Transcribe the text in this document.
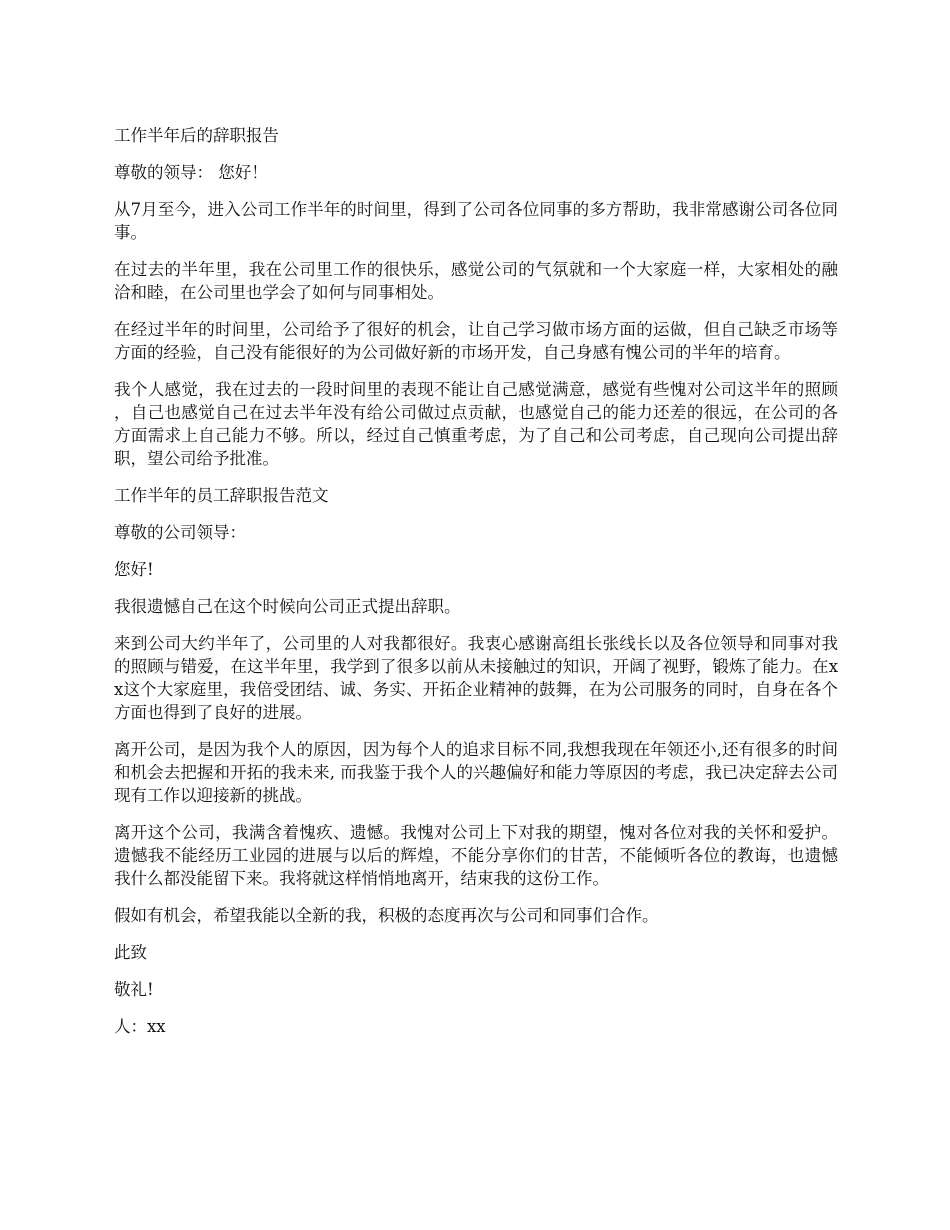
工作半年后的辞职报告

尊敬的领导： 您好！

从7月至今，进入公司工作半年的时间里，得到了公司各位同事的多方帮助，我非常感谢公司各位同事。

在过去的半年里，我在公司里工作的很快乐，感觉公司的气氛就和一个大家庭一样，大家相处的融洽和睦，在公司里也学会了如何与同事相处。

在经过半年的时间里，公司给予了很好的机会，让自己学习做市场方面的运做，但自己缺乏市场等方面的经验，自己没有能很好的为公司做好新的市场开发，自己身感有愧公司的半年的培育。

我个人感觉，我在过去的一段时间里的表现不能让自己感觉满意，感觉有些愧对公司这半年的照顾，自己也感觉自己在过去半年没有给公司做过点贡献，也感觉自己的能力还差的很远，在公司的各方面需求上自己能力不够。所以，经过自己慎重考虑，为了自己和公司考虑，自己现向公司提出辞职，望公司给予批准。

工作半年的员工辞职报告范文

尊敬的公司领导：

您好!

我很遗憾自己在这个时候向公司正式提出辞职。

来到公司大约半年了，公司里的人对我都很好。我衷心感谢高组长张线长以及各位领导和同事对我的照顾与错爱，在这半年里，我学到了很多以前从未接触过的知识，开阔了视野，锻炼了能力。在xx这个大家庭里，我倍受团结、诚、务实、开拓企业精神的鼓舞，在为公司服务的同时，自身在各个方面也得到了良好的进展。

离开公司，是因为我个人的原因，因为每个人的追求目标不同,我想我现在年领还小,还有很多的时间和机会去把握和开拓的我未来, 而我鉴于我个人的兴趣偏好和能力等原因的考虑，我已决定辞去公司现有工作以迎接新的挑战。

离开这个公司，我满含着愧疚、遗憾。我愧对公司上下对我的期望，愧对各位对我的关怀和爱护。遗憾我不能经历工业园的进展与以后的辉煌，不能分享你们的甘苦，不能倾听各位的教诲，也遗憾我什么都没能留下来。我将就这样悄悄地离开，结束我的这份工作。

假如有机会，希望我能以全新的我，积极的态度再次与公司和同事们合作。

此致

敬礼!

人：xx
